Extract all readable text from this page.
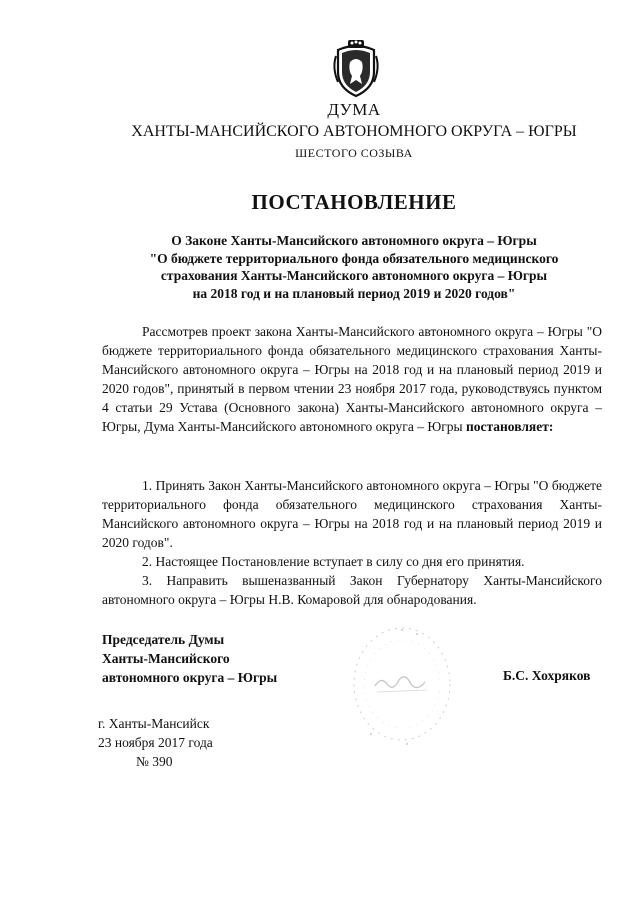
ДУМА
ХАНТЫ-МАНСИЙСКОГО АВТОНОМНОГО ОКРУГА – ЮГРЫ
ШЕСТОГО СОЗЫВА
ПОСТАНОВЛЕНИЕ
О Законе Ханты-Мансийского автономного округа – Югры
"О бюджете территориального фонда обязательного медицинского
страхования Ханты-Мансийского автономного округа – Югры
на 2018 год и на плановый период 2019 и 2020 годов"

Рассмотрев проект закона Ханты-Мансийского автономного округа – Югры "О бюджете территориального фонда обязательного медицинского страхования Ханты-Мансийского автономного округа – Югры на 2018 год и на плановый период 2019 и 2020 годов", принятый в первом чтении 23 ноября 2017 года, руководствуясь пунктом 4 статьи 29 Устава (Основного закона) Ханты-Мансийского автономного округа – Югры, Дума Ханты-Мансийского автономного округа – Югры постановляет:

1. Принять Закон Ханты-Мансийского автономного округа – Югры "О бюджете территориального фонда обязательного медицинского страхования Ханты-Мансийского автономного округа – Югры на 2018 год и на плановый период 2019 и 2020 годов".

2. Настоящее Постановление вступает в силу со дня его принятия.

3. Направить вышеназванный Закон Губернатору Ханты-Мансийского автономного округа – Югры Н.В. Комаровой для обнародования.

Председатель Думы
Ханты-Мансийского
автономного округа – Югры	Б.С. Хохряков
г. Ханты-Мансийск
23 ноября 2017 года
№ 390
